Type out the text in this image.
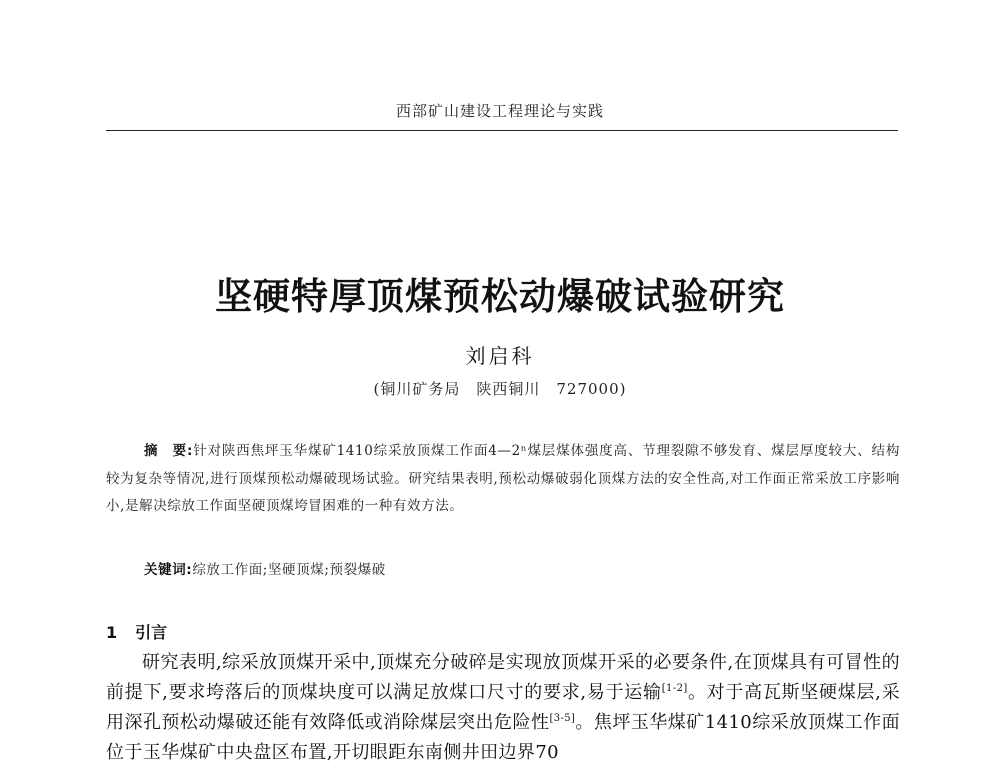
西部矿山建设工程理论与实践
坚硬特厚顶煤预松动爆破试验研究
刘启科
(铜川矿务局　陕西铜川　727000)
摘　要:针对陕西焦坪玉华煤矿1410综采放顶煤工作面4—2ⁿ煤层煤体强度高、节理裂隙不够发育、煤层厚度较大、结构较为复杂等情况,进行顶煤预松动爆破现场试验。研究结果表明,预松动爆破弱化顶煤方法的安全性高,对工作面正常采放工序影响小,是解决综放工作面坚硬顶煤垮冒困难的一种有效方法。
关键词:综放工作面;坚硬顶煤;预裂爆破
1 引言

研究表明,综采放顶煤开采中,顶煤充分破碎是实现放顶煤开采的必要条件,在顶煤具有可冒性的前提下,要求垮落后的顶煤块度可以满足放煤口尺寸的要求,易于运输[1-2]。对于高瓦斯坚硬煤层,采用深孔预松动爆破还能有效降低或消除煤层突出危险性[3-5]。焦坪玉华煤矿1410综采放顶煤工作面位于玉华煤矿中央盘区布置,开切眼距东南侧井田边界70
